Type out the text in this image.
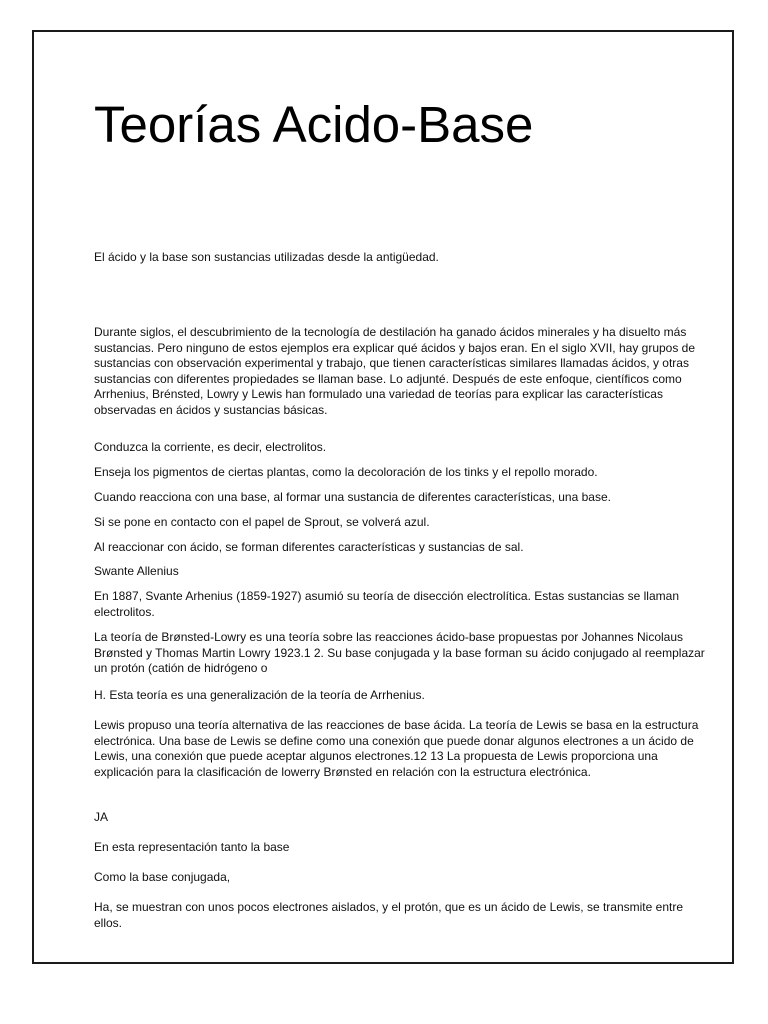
Teorías Acido-Base

El ácido y la base son sustancias utilizadas desde la antigüedad.

Durante siglos, el descubrimiento de la tecnología de destilación ha ganado ácidos minerales y ha disuelto más sustancias. Pero ninguno de estos ejemplos era explicar qué ácidos y bajos eran. En el siglo XVII, hay grupos de sustancias con observación experimental y trabajo, que tienen características similares llamadas ácidos, y otras sustancias con diferentes propiedades se llaman base. Lo adjunté. Después de este enfoque, científicos como Arrhenius, Brénsted, Lowry y Lewis han formulado una variedad de teorías para explicar las características observadas en ácidos y sustancias básicas.

Conduzca la corriente, es decir, electrolitos.

Enseja los pigmentos de ciertas plantas, como la decoloración de los tinks y el repollo morado.

Cuando reacciona con una base, al formar una sustancia de diferentes características, una base.

Si se pone en contacto con el papel de Sprout, se volverá azul.

Al reaccionar con ácido, se forman diferentes características y sustancias de sal.

Swante Allenius

En 1887, Svante Arhenius (1859-1927) asumió su teoría de disección electrolítica. Estas sustancias se llaman electrolitos.

La teoría de Brønsted-Lowry es una teoría sobre las reacciones ácido-base propuestas por Johannes Nicolaus Brønsted y Thomas Martin Lowry 1923.1 2. Su base conjugada y la base forman su ácido conjugado al reemplazar un protón (catión de hidrógeno o

H. Esta teoría es una generalización de la teoría de Arrhenius.

Lewis propuso una teoría alternativa de las reacciones de base ácida. La teoría de Lewis se basa en la estructura electrónica. Una base de Lewis se define como una conexión que puede donar algunos electrones a un ácido de Lewis, una conexión que puede aceptar algunos electrones.12 13 La propuesta de Lewis proporciona una explicación para la clasificación de lowerry Brønsted en relación con la estructura electrónica.

JA

En esta representación tanto la base

Como la base conjugada,

Ha, se muestran con unos pocos electrones aislados, y el protón, que es un ácido de Lewis, se transmite entre ellos.
